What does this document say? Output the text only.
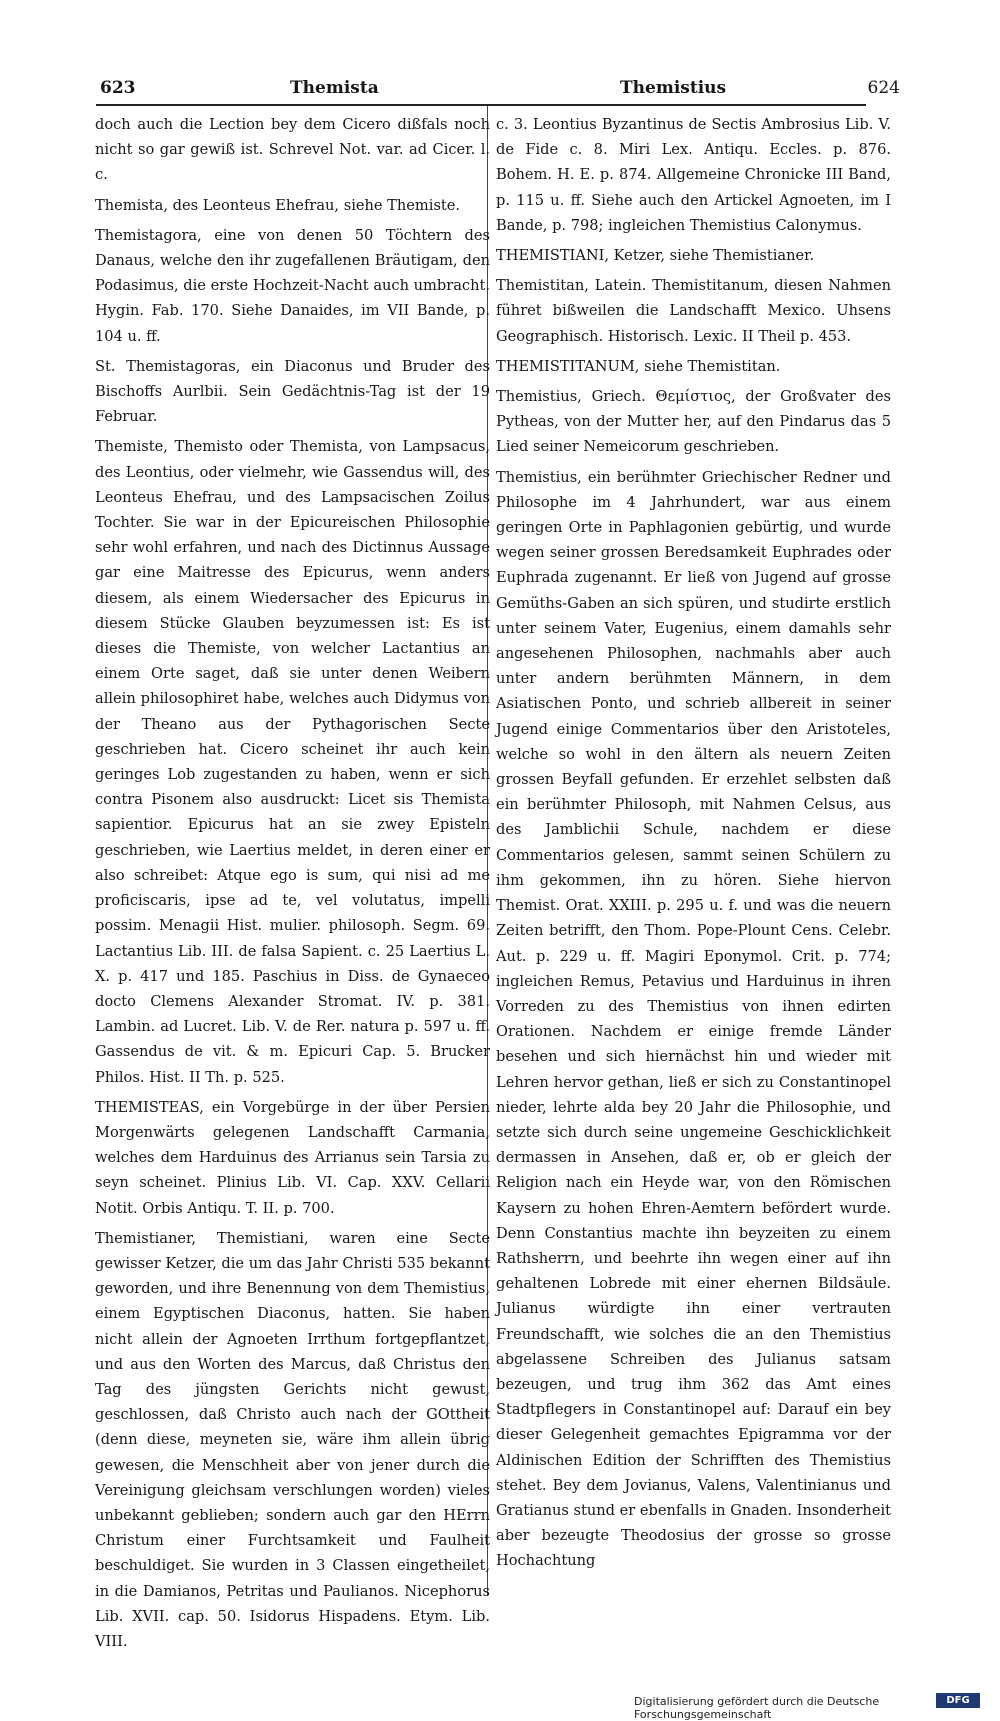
623	Themista	Themistius	624

doch auch die Lection bey dem Cicero dißfals noch nicht so gar gewiß ist. Schrevel Not. var. ad Cicer. l. c.

Themista, des Leonteus Ehefrau, siehe Themiste.

Themistagora, eine von denen 50 Töchtern des Danaus, welche den ihr zugefallenen Bräutigam, den Podasimus, die erste Hochzeit-Nacht auch umbracht. Hygin. Fab. 170. Siehe Danaides, im VII Bande, p. 104 u. ff.

St. Themistagoras, ein Diaconus und Bruder des Bischoffs Aurlbii. Sein Gedächtnis-Tag ist der 19 Februar.

Themiste, Themisto oder Themista, von Lampsacus, des Leontius, oder vielmehr, wie Gassendus will, des Leonteus Ehefrau, und des Lampsacischen Zoilus Tochter. Sie war in der Epicureischen Philosophie sehr wohl erfahren, und nach des Dictinnus Aussage gar eine Maitresse des Epicurus, wenn anders diesem, als einem Wiedersacher des Epicurus in diesem Stücke Glauben beyzumessen ist: Es ist dieses die Themiste, von welcher Lactantius an einem Orte saget, daß sie unter denen Weibern allein philosophiret habe, welches auch Didymus von der Theano aus der Pythagorischen Secte geschrieben hat. Cicero scheinet ihr auch kein geringes Lob zugestanden zu haben, wenn er sich contra Pisonem also ausdruckt: Licet sis Themista sapientior. Epicurus hat an sie zwey Episteln geschrieben, wie Laertius meldet, in deren einer er also schreibet: Atque ego is sum, qui nisi ad me proficiscaris, ipse ad te, vel volutatus, impelli possim. Menagii Hist. mulier. philosoph. Segm. 69. Lactantius Lib. III. de falsa Sapient. c. 25 Laertius L. X. p. 417 und 185. Paschius in Diss. de Gynaeceo docto Clemens Alexander Stromat. IV. p. 381. Lambin. ad Lucret. Lib. V. de Rer. natura p. 597 u. ff. Gassendus de vit. & m. Epicuri Cap. 5. Brucker Philos. Hist. II Th. p. 525.

THEMISTEAS, ein Vorgebürge in der über Persien Morgenwärts gelegenen Landschafft Carmania, welches dem Harduinus des Arrianus sein Tarsia zu seyn scheinet. Plinius Lib. VI. Cap. XXV. Cellarii Notit. Orbis Antiqu. T. II. p. 700.

Themistianer, Themistiani, waren eine Secte gewisser Ketzer, die um das Jahr Christi 535 bekannt geworden, und ihre Benennung von dem Themistius, einem Egyptischen Diaconus, hatten. Sie haben nicht allein der Agnoeten Irrthum fortgepflantzet, und aus den Worten des Marcus, daß Christus den Tag des jüngsten Gerichts nicht gewust, geschlossen, daß Christo auch nach der GOttheit (denn diese, meyneten sie, wäre ihm allein übrig gewesen, die Menschheit aber von jener durch die Vereinigung gleichsam verschlungen worden) vieles unbekannt geblieben; sondern auch gar den HErrn Christum einer Furchtsamkeit und Faulheit beschuldiget. Sie wurden in 3 Classen eingetheilet, in die Damianos, Petritas und Paulianos. Nicephorus Lib. XVII. cap. 50. Isidorus Hispadens. Etym. Lib. VIII.

c. 3. Leontius Byzantinus de Sectis Ambrosius Lib. V. de Fide c. 8. Miri Lex. Antiqu. Eccles. p. 876. Bohem. H. E. p. 874. Allgemeine Chronicke III Band, p. 115 u. ff. Siehe auch den Artickel Agnoeten, im I Bande, p. 798; ingleichen Themistius Calonymus.

THEMISTIANI, Ketzer, siehe Themistianer.

Themistitan, Latein. Themistitanum, diesen Nahmen führet bißweilen die Landschafft Mexico. Uhsens Geographisch. Historisch. Lexic. II Theil p. 453.

THEMISTITANUM, siehe Themistitan.

Themistius, Griech. Θεμίστιος, der Großvater des Pytheas, von der Mutter her, auf den Pindarus das 5 Lied seiner Nemeicorum geschrieben.

Themistius, ein berühmter Griechischer Redner und Philosophe im 4 Jahrhundert, war aus einem geringen Orte in Paphlagonien gebürtig, und wurde wegen seiner grossen Beredsamkeit Euphrades oder Euphrada zugenannt. Er ließ von Jugend auf grosse Gemüths-Gaben an sich spüren, und studirte erstlich unter seinem Vater, Eugenius, einem damahls sehr angesehenen Philosophen, nachmahls aber auch unter andern berühmten Männern, in dem Asiatischen Ponto, und schrieb allbereit in seiner Jugend einige Commentarios über den Aristoteles, welche so wohl in den ältern als neuern Zeiten grossen Beyfall gefunden. Er erzehlet selbsten daß ein berühmter Philosoph, mit Nahmen Celsus, aus des Jamblichii Schule, nachdem er diese Commentarios gelesen, sammt seinen Schülern zu ihm gekommen, ihn zu hören. Siehe hiervon Themist. Orat. XXIII. p. 295 u. f. und was die neuern Zeiten betrifft, den Thom. Pope-Plount Cens. Celebr. Aut. p. 229 u. ff. Magiri Eponymol. Crit. p. 774; ingleichen Remus, Petavius und Harduinus in ihren Vorreden zu des Themistius von ihnen edirten Orationen. Nachdem er einige fremde Länder besehen und sich hiernächst hin und wieder mit Lehren hervor gethan, ließ er sich zu Constantinopel nieder, lehrte alda bey 20 Jahr die Philosophie, und setzte sich durch seine ungemeine Geschicklichkeit dermassen in Ansehen, daß er, ob er gleich der Religion nach ein Heyde war, von den Römischen Kaysern zu hohen Ehren-Aemtern befördert wurde. Denn Constantius machte ihn beyzeiten zu einem Rathsherrn, und beehrte ihn wegen einer auf ihn gehaltenen Lobrede mit einer ehernen Bildsäule. Julianus würdigte ihn einer vertrauten Freundschafft, wie solches die an den Themistius abgelassene Schreiben des Julianus satsam bezeugen, und trug ihm 362 das Amt eines Stadtpflegers in Constantinopel auf: Darauf ein bey dieser Gelegenheit gemachtes Epigramma vor der Aldinischen Edition der Schrifften des Themistius stehet. Bey dem Jovianus, Valens, Valentinianus und Gratianus stund er ebenfalls in Gnaden. Insonderheit aber bezeugte Theodosius der grosse so grosse Hochachtung

Digitalisierung gefördert durch die Deutsche Forschungsgemeinschaft
DFG
